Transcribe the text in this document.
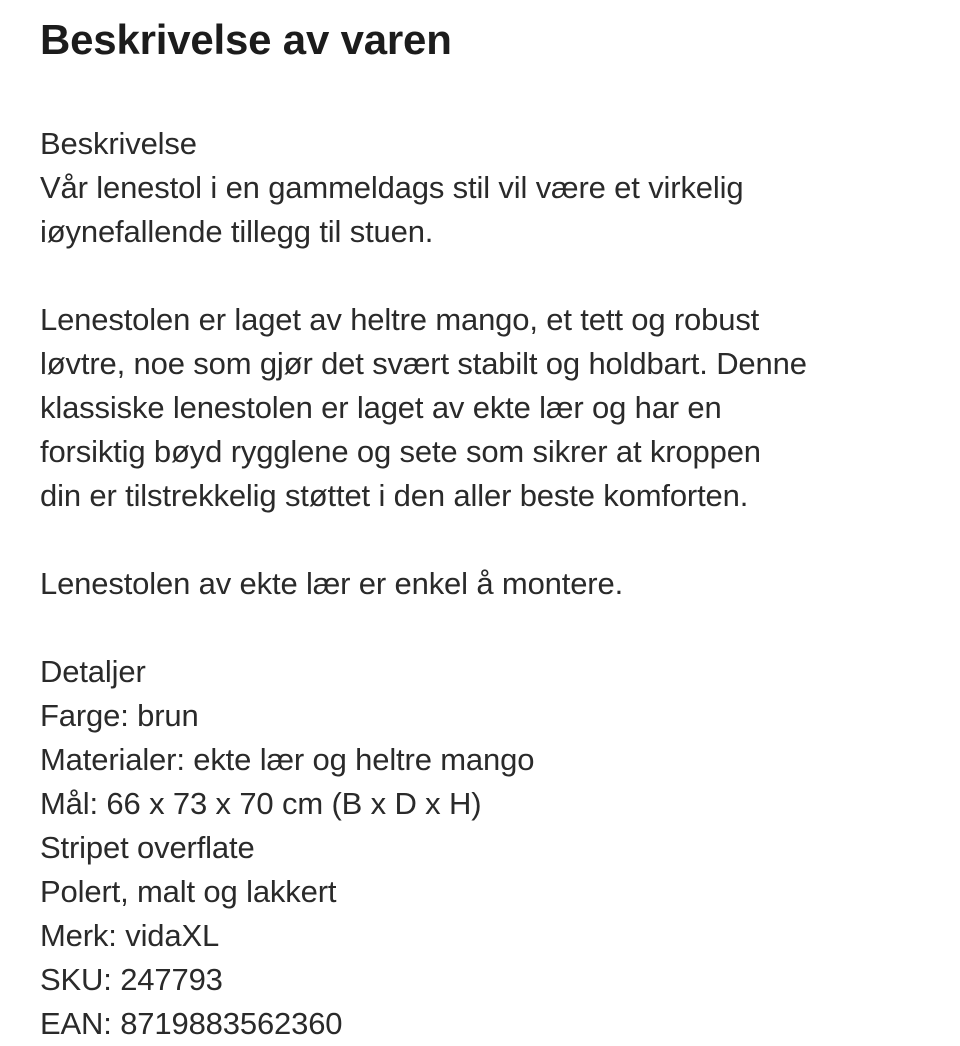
Beskrivelse av varen
Beskrivelse
Vår lenestol i en gammeldags stil vil være et virkelig
iøynefallende tillegg til stuen.
Lenestolen er laget av heltre mango, et tett og robust
løvtre, noe som gjør det svært stabilt og holdbart. Denne
klassiske lenestolen er laget av ekte lær og har en
forsiktig bøyd rygglene og sete som sikrer at kroppen
din er tilstrekkelig støttet i den aller beste komforten.
Lenestolen av ekte lær er enkel å montere.
Detaljer
Farge: brun
Materialer: ekte lær og heltre mango
Mål: 66 x 73 x 70 cm (B x D x H)
Stripet overflate
Polert, malt og lakkert
Merk: vidaXL
SKU: 247793
EAN: 8719883562360
